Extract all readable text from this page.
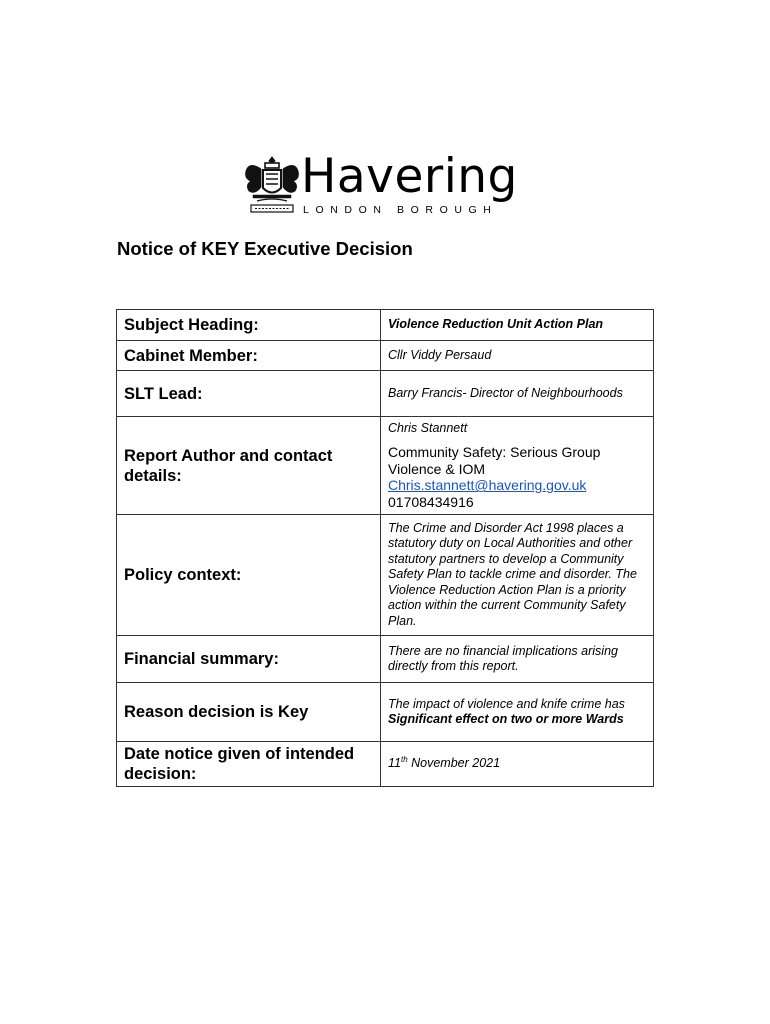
Havering
LONDON BOROUGH
Notice of KEY Executive Decision
Subject Heading:	Violence Reduction Unit Action Plan
Cabinet Member:	Cllr Viddy Persaud
SLT Lead:	Barry Francis- Director of Neighbourhoods
Report Author and contact details:	Chris Stannett
Community Safety: Serious Group Violence & IOM
Chris.stannett@havering.gov.uk
01708434916

Policy context:	The Crime and Disorder Act 1998 places a statutory duty on Local Authorities and other statutory partners to develop a Community Safety Plan to tackle crime and disorder. The Violence Reduction Action Plan is a priority action within the current Community Safety Plan.
Financial summary:	There are no financial implications arising directly from this report.
Reason decision is Key	The impact of violence and knife crime has Significant effect on two or more Wards
Date notice given of intended decision:	11th November 2021
